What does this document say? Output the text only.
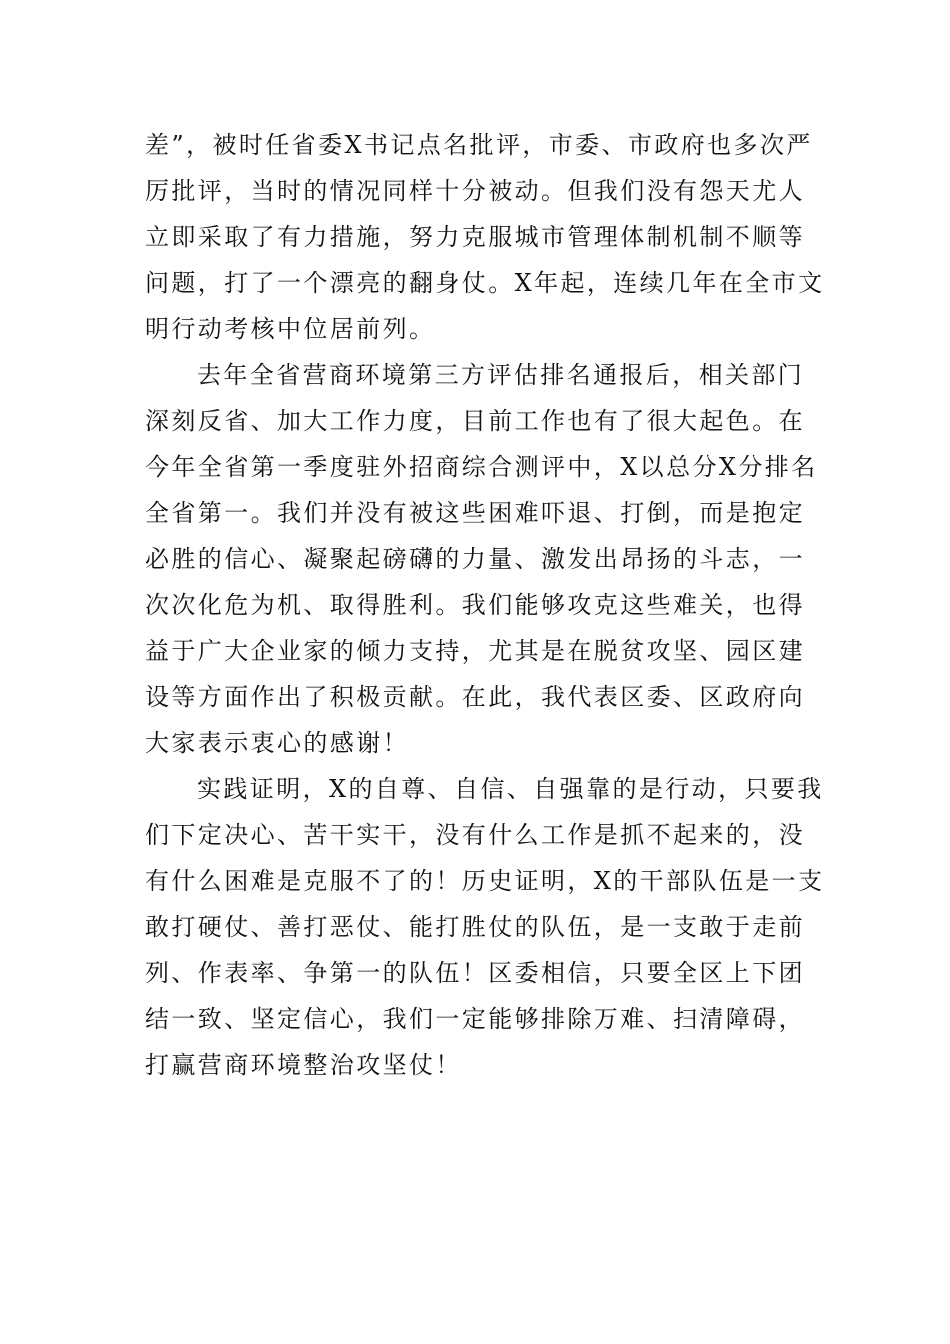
差”，被时任省委X书记点名批评，市委、市政府也多次严
厉批评，当时的情况同样十分被动。但我们没有怨天尤人
立即采取了有力措施，努力克服城市管理体制机制不顺等
问题，打了一个漂亮的翻身仗。X年起，连续几年在全市文
明行动考核中位居前列。
去年全省营商环境第三方评估排名通报后，相关部门
深刻反省、加大工作力度，目前工作也有了很大起色。在
今年全省第一季度驻外招商综合测评中，X以总分X分排名
全省第一。我们并没有被这些困难吓退、打倒，而是抱定
必胜的信心、凝聚起磅礴的力量、激发出昂扬的斗志，一
次次化危为机、取得胜利。我们能够攻克这些难关，也得
益于广大企业家的倾力支持，尤其是在脱贫攻坚、园区建
设等方面作出了积极贡献。在此，我代表区委、区政府向
大家表示衷心的感谢！
实践证明，X的自尊、自信、自强靠的是行动，只要我
们下定决心、苦干实干，没有什么工作是抓不起来的，没
有什么困难是克服不了的！历史证明，X的干部队伍是一支
敢打硬仗、善打恶仗、能打胜仗的队伍，是一支敢于走前
列、作表率、争第一的队伍！区委相信，只要全区上下团
结一致、坚定信心，我们一定能够排除万难、扫清障碍，
打赢营商环境整治攻坚仗！
